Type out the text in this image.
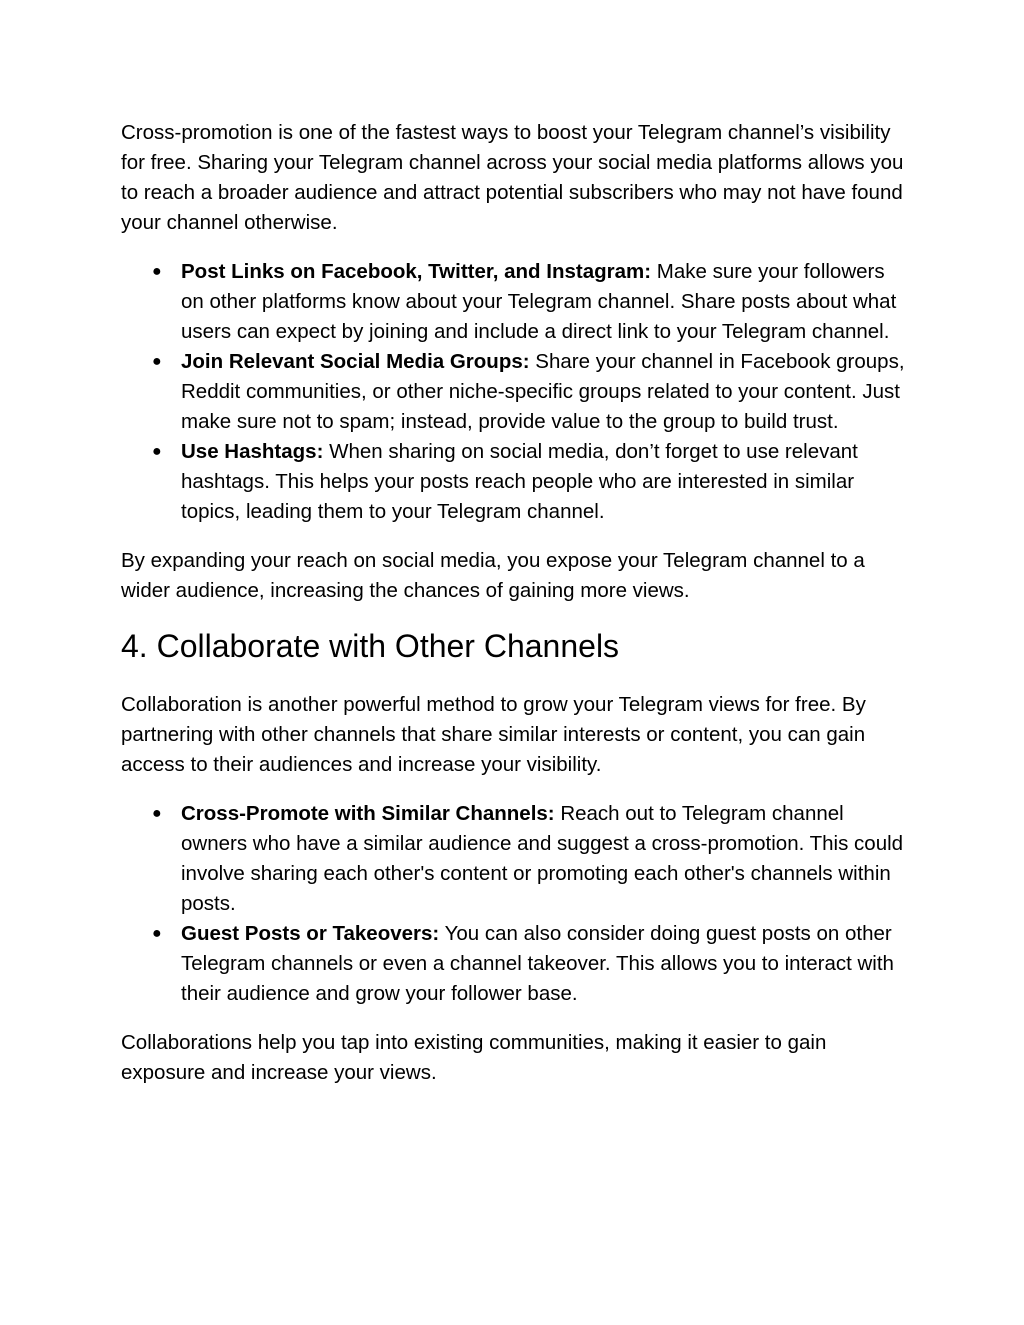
Cross-promotion is one of the fastest ways to boost your Telegram channel’s visibility for free. Sharing your Telegram channel across your social media platforms allows you to reach a broader audience and attract potential subscribers who may not have found your channel otherwise.

● Post Links on Facebook, Twitter, and Instagram: Make sure your followers on other platforms know about your Telegram channel. Share posts about what users can expect by joining and include a direct link to your Telegram channel.
● Join Relevant Social Media Groups: Share your channel in Facebook groups, Reddit communities, or other niche-specific groups related to your content. Just make sure not to spam; instead, provide value to the group to build trust.
● Use Hashtags: When sharing on social media, don’t forget to use relevant hashtags. This helps your posts reach people who are interested in similar topics, leading them to your Telegram channel.

By expanding your reach on social media, you expose your Telegram channel to a wider audience, increasing the chances of gaining more views.

4. Collaborate with Other Channels

Collaboration is another powerful method to grow your Telegram views for free. By partnering with other channels that share similar interests or content, you can gain access to their audiences and increase your visibility.

● Cross-Promote with Similar Channels: Reach out to Telegram channel owners who have a similar audience and suggest a cross-promotion. This could involve sharing each other's content or promoting each other's channels within posts.
● Guest Posts or Takeovers: You can also consider doing guest posts on other Telegram channels or even a channel takeover. This allows you to interact with their audience and grow your follower base.

Collaborations help you tap into existing communities, making it easier to gain exposure and increase your views.
